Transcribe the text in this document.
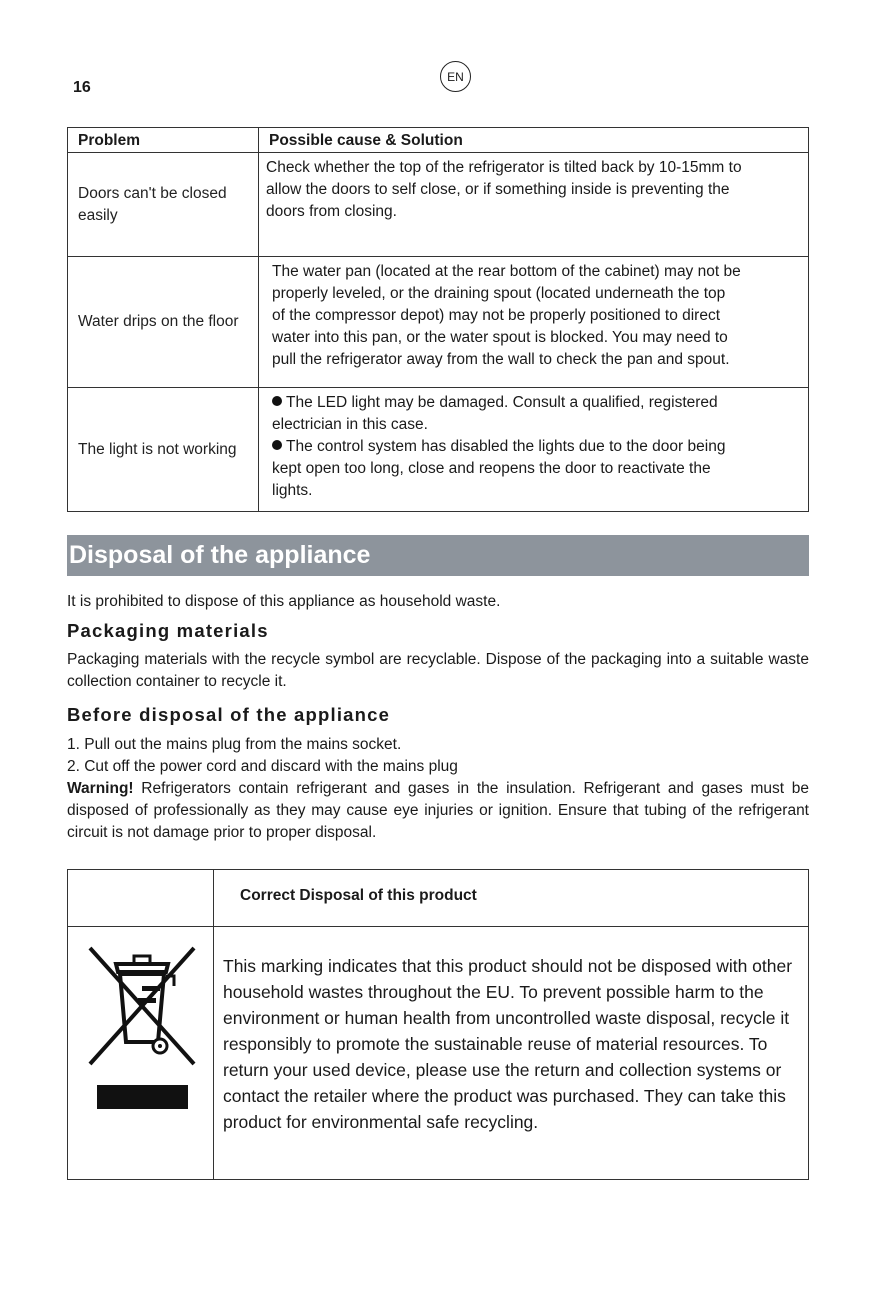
16
EN
Problem	Possible cause & Solution
Doors can't be closed easily	Check whether the top of the refrigerator is tilted back by 10-15mm to
allow the doors to self close, or if something inside is preventing the
doors from closing.

Water drips on the floor	The water pan (located at the rear bottom of the cabinet) may not be
properly leveled, or the draining spout (located underneath the top
of the compressor depot) may not be properly positioned to direct
water into this pan, or the water spout is blocked. You may need to
pull the refrigerator away from the wall to check the pan and spout.

The light is not working	The LED light may be damaged. Consult a qualified, registered
electrician in this case.
The control system has disabled the lights due to the door being
kept open too long, close and reopens the door to reactivate the
lights.
Disposal of the appliance
It is prohibited to dispose of this appliance as household waste.
Packaging materials
Packaging materials with the recycle symbol are recyclable. Dispose of the packaging into a suitable waste collection container to recycle it.
Before disposal of the appliance
1. Pull out the mains plug from the mains socket.
2. Cut off the power cord and discard with the mains plug
Warning! Refrigerators contain refrigerant and gases in the insulation. Refrigerant and gases must be disposed of professionally as they may cause eye injuries or ignition. Ensure that tubing of the refrigerant circuit is not damage prior to proper disposal.
Correct Disposal of this product
This marking indicates that this product should not be disposed with other household wastes throughout the EU. To prevent possible harm to the environment or human health from uncontrolled waste disposal, recycle it responsibly to promote the sustainable reuse of material resources. To return your used device, please use the return and collection systems or contact the retailer where the product was purchased. They can take this product for environmental safe recycling.
